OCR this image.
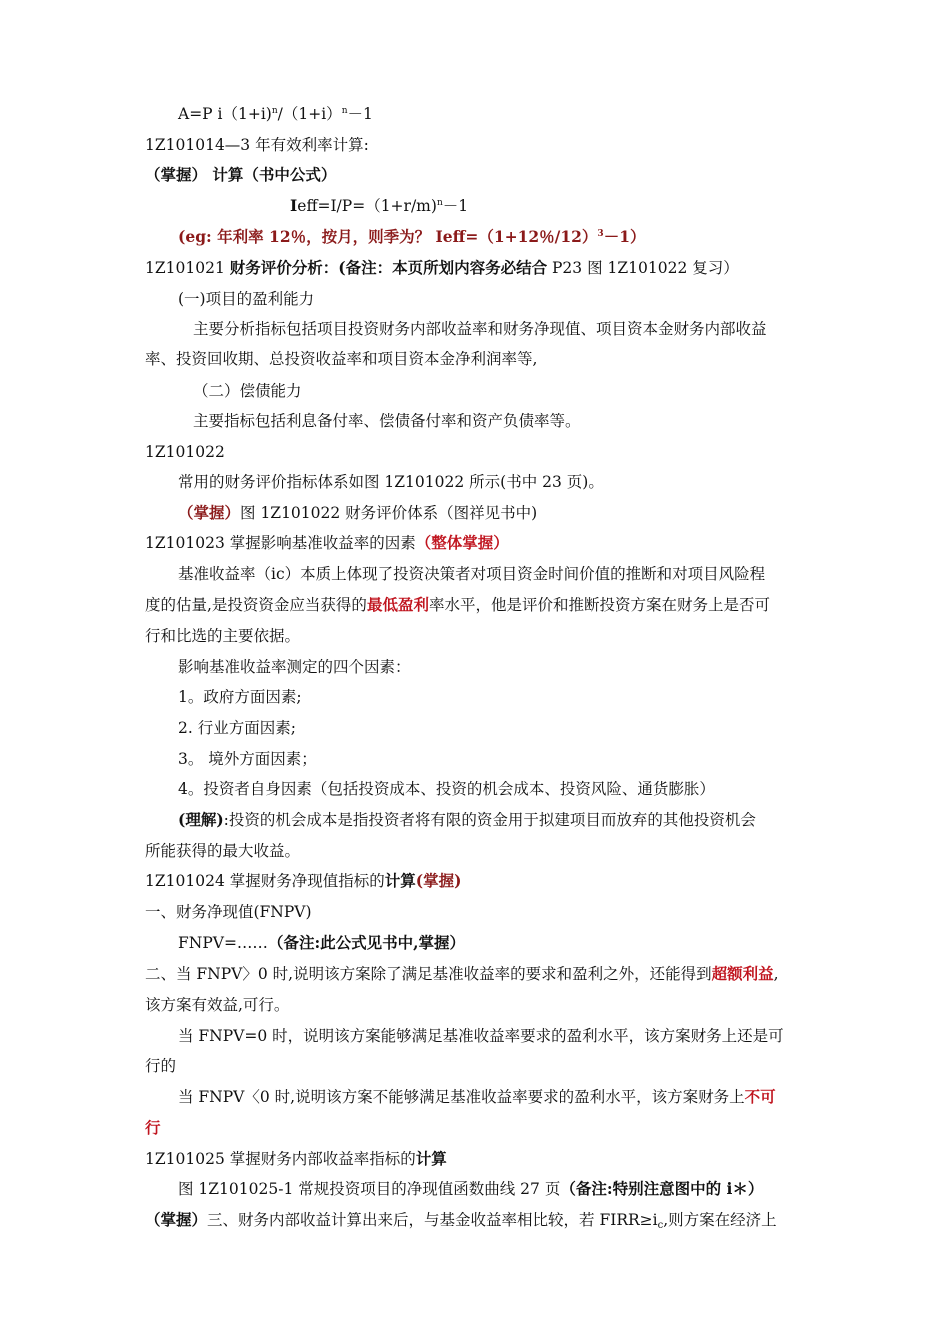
A=P $i(1+i)^n/(1+i)^n-1$
1Z101014—3 年有效利率计算:
（掌握） 计算（书中公式）
Ieff=I/P=（1+r/m)$^n$－1
(eg: 年利率 12％，按月，则季为？ Ieff=（1+12％/12）$^3$－1）
1Z101021 财务评价分析：(备注：本页所划内容务必结合 P23 图 1Z101022 复习）
(一)项目的盈利能力
主要分析指标包括项目投资财务内部收益率和财务净现值、项目资本金财务内部收益
率、投资回收期、总投资收益率和项目资本金净利润率等,
（二）偿债能力
主要指标包括利息备付率、偿债备付率和资产负债率等。
1Z101022
常用的财务评价指标体系如图 1Z101022 所示(书中 23 页)。
（掌握）图 1Z101022 财务评价体系（图祥见书中)
1Z101023 掌握影响基准收益率的因素（整体掌握）
基准收益率（ic）本质上体现了投资决策者对项目资金时间价值的推断和对项目风险程
度的估量,是投资资金应当获得的最低盈利率水平，他是评价和推断投资方案在财务上是否可
行和比选的主要依据。
影响基准收益率测定的四个因素：
1。政府方面因素;
2. 行业方面因素;
3。 境外方面因素；
4。投资者自身因素（包括投资成本、投资的机会成本、投资风险、通货膨胀）
(理解):投资的机会成本是指投资者将有限的资金用于拟建项目而放弃的其他投资机会
所能获得的最大收益。
1Z101024 掌握财务净现值指标的计算(掌握)
一、财务净现值(FNPV)
FNPV=……（备注:此公式见书中,掌握）
二、当 FNPV〉0 时,说明该方案除了满足基准收益率的要求和盈利之外，还能得到超额利益,
该方案有效益,可行。
当 FNPV=0 时，说明该方案能够满足基准收益率要求的盈利水平，该方案财务上还是可
行的
当 FNPV〈0 时,说明该方案不能够满足基准收益率要求的盈利水平，该方案财务上不可
行
1Z101025 掌握财务内部收益率指标的计算
图 1Z101025-1 常规投资项目的净现值函数曲线 27 页（备注:特别注意图中的 i＊）
（掌握）三、财务内部收益计算出来后，与基金收益率相比较，若 $FIRR\ge i_c$,则方案在经济上
